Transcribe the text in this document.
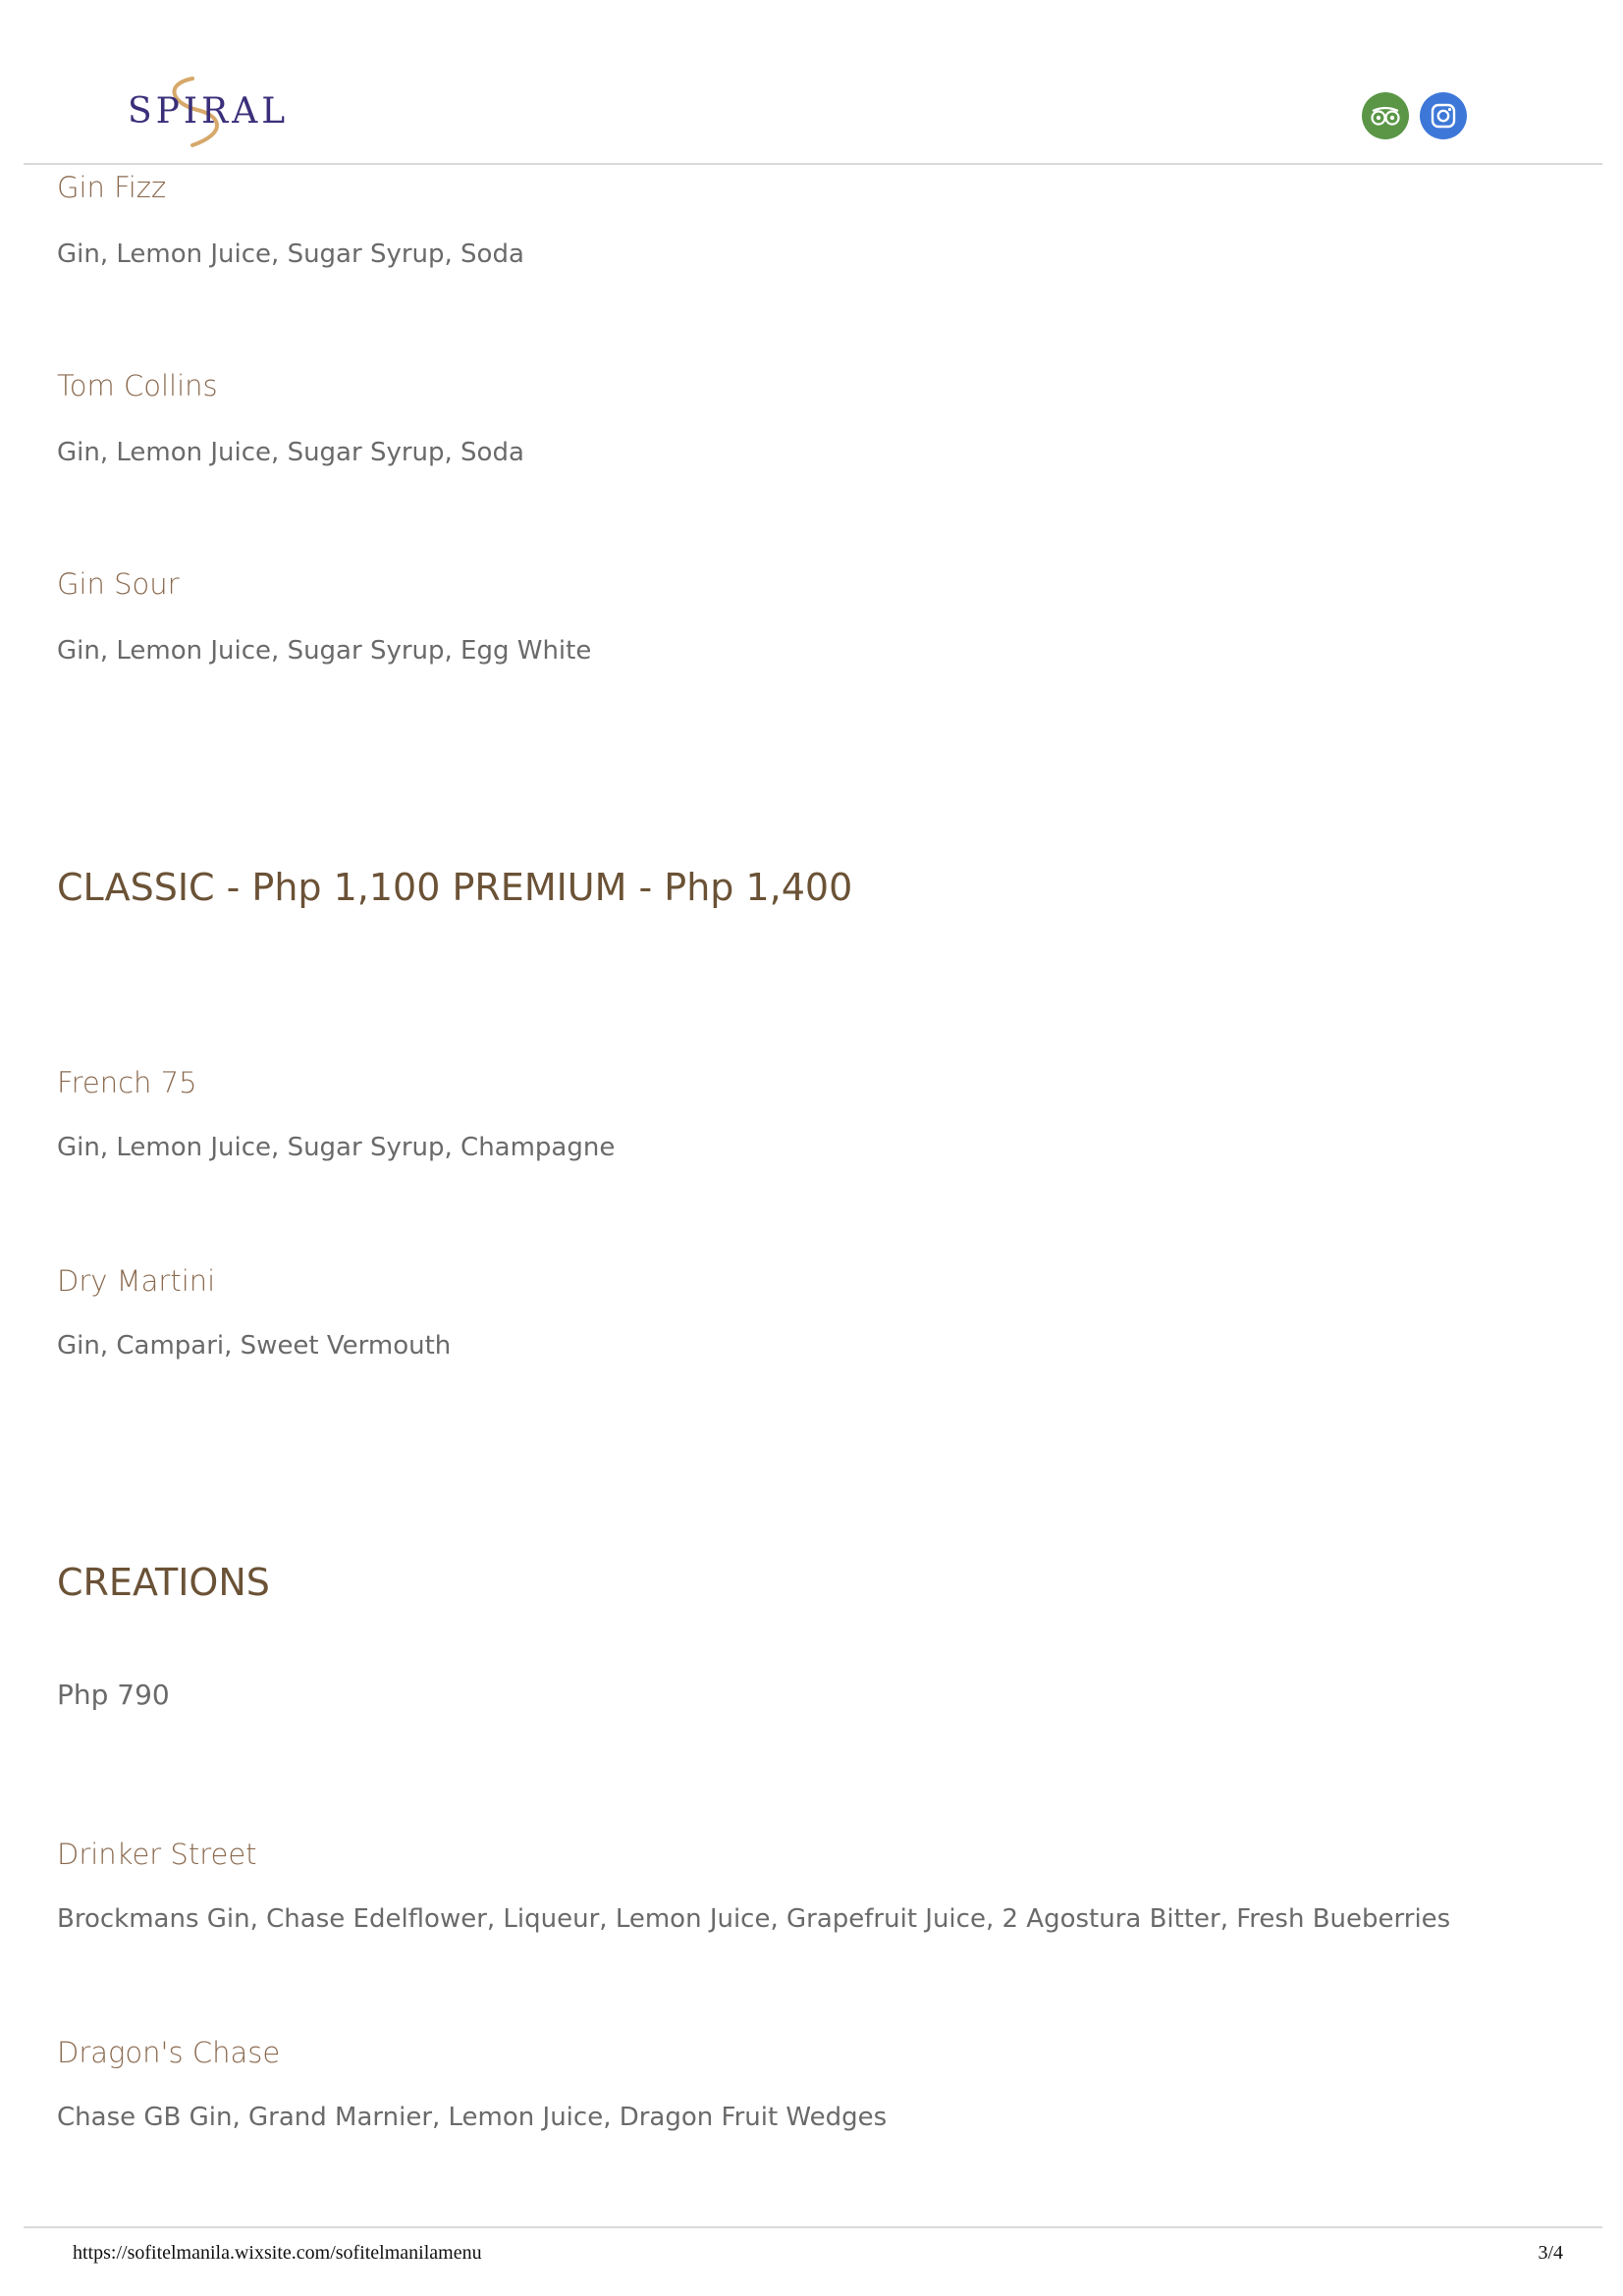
SPIRAL
Gin Fizz
Gin, Lemon Juice, Sugar Syrup, Soda
Tom Collins
Gin, Lemon Juice, Sugar Syrup, Soda
Gin Sour
Gin, Lemon Juice, Sugar Syrup, Egg White
CLASSIC - Php 1,100 PREMIUM - Php 1,400
French 75
Gin, Lemon Juice, Sugar Syrup, Champagne
Dry Martini
Gin, Campari, Sweet Vermouth
CREATIONS
Php 790
Drinker Street
Brockmans Gin, Chase Edelflower, Liqueur, Lemon Juice, Grapefruit Juice, 2 Agostura Bitter, Fresh Bueberries
Dragon's Chase
Chase GB Gin, Grand Marnier, Lemon Juice, Dragon Fruit Wedges
https://sofitelmanila.wixsite.com/sofitelmanilamenu	3/4
